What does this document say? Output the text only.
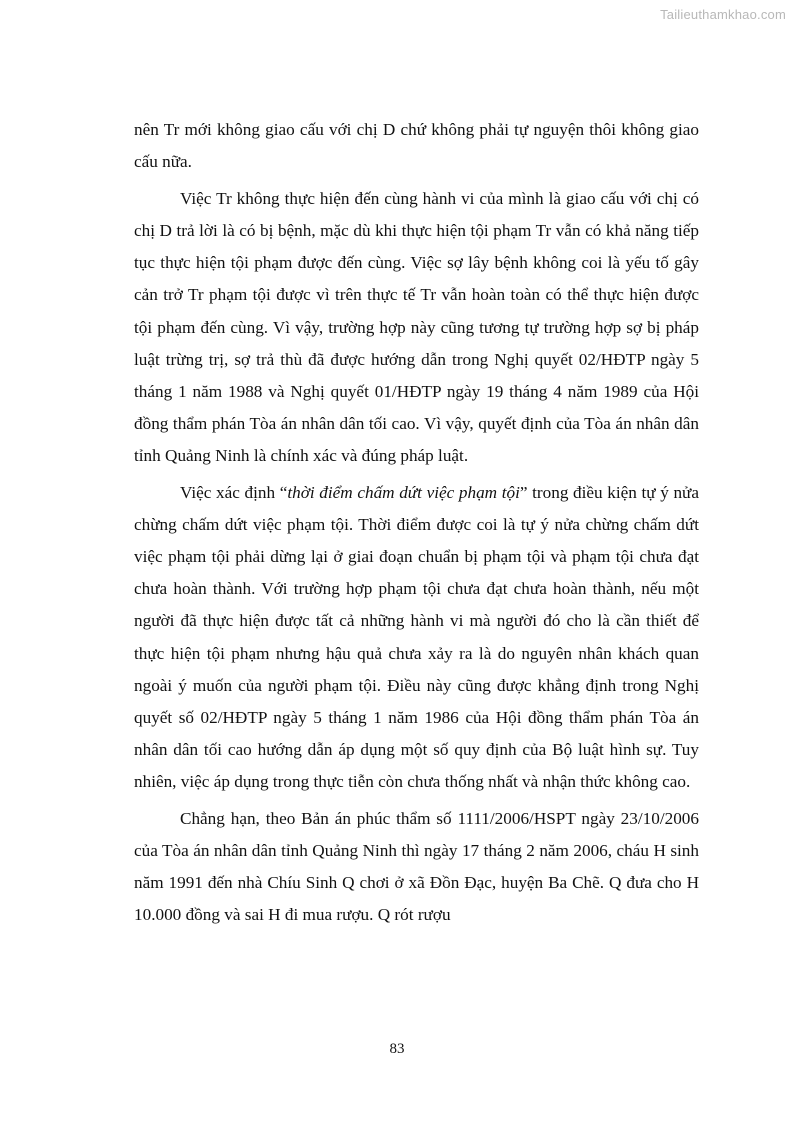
Tailieuthamkhao.com

nên Tr mới không giao cấu với chị D chứ không phải tự nguyện thôi không giao cấu nữa.

Việc Tr không thực hiện đến cùng hành vi của mình là giao cấu với chị có chị D trả lời là có bị bệnh, mặc dù khi thực hiện tội phạm Tr vẫn có khả năng tiếp tục thực hiện tội phạm được đến cùng. Việc sợ lây bệnh không coi là yếu tố gây cản trở Tr phạm tội được vì trên thực tế Tr vẫn hoàn toàn có thể thực hiện được tội phạm đến cùng. Vì vậy, trường hợp này cũng tương tự trường hợp sợ bị pháp luật trừng trị, sợ trả thù đã được hướng dẫn trong Nghị quyết 02/HĐTP ngày 5 tháng 1 năm 1988 và Nghị quyết 01/HĐTP ngày 19 tháng 4 năm 1989 của Hội đồng thẩm phán Tòa án nhân dân tối cao. Vì vậy, quyết định của Tòa án nhân dân tỉnh Quảng Ninh là chính xác và đúng pháp luật.

Việc xác định “thời điểm chấm dứt việc phạm tội” trong điều kiện tự ý nửa chừng chấm dứt việc phạm tội. Thời điểm được coi là tự ý nửa chừng chấm dứt việc phạm tội phải dừng lại ở giai đoạn chuẩn bị phạm tội và phạm tội chưa đạt chưa hoàn thành. Với trường hợp phạm tội chưa đạt chưa hoàn thành, nếu một người đã thực hiện được tất cả những hành vi mà người đó cho là cần thiết để thực hiện tội phạm nhưng hậu quả chưa xảy ra là do nguyên nhân khách quan ngoài ý muốn của người phạm tội. Điều này cũng được khẳng định trong Nghị quyết số 02/HĐTP ngày 5 tháng 1 năm 1986 của Hội đồng thẩm phán Tòa án nhân dân tối cao hướng dẫn áp dụng một số quy định của Bộ luật hình sự. Tuy nhiên, việc áp dụng trong thực tiễn còn chưa thống nhất và nhận thức không cao.

Chẳng hạn, theo Bản án phúc thẩm số 1111/2006/HSPT ngày 23/10/2006 của Tòa án nhân dân tỉnh Quảng Ninh thì ngày 17 tháng 2 năm 2006, cháu H sinh năm 1991 đến nhà Chíu Sinh Q chơi ở xã Đồn Đạc, huyện Ba Chẽ. Q đưa cho H 10.000 đồng và sai H đi mua rượu. Q rót rượu

83
